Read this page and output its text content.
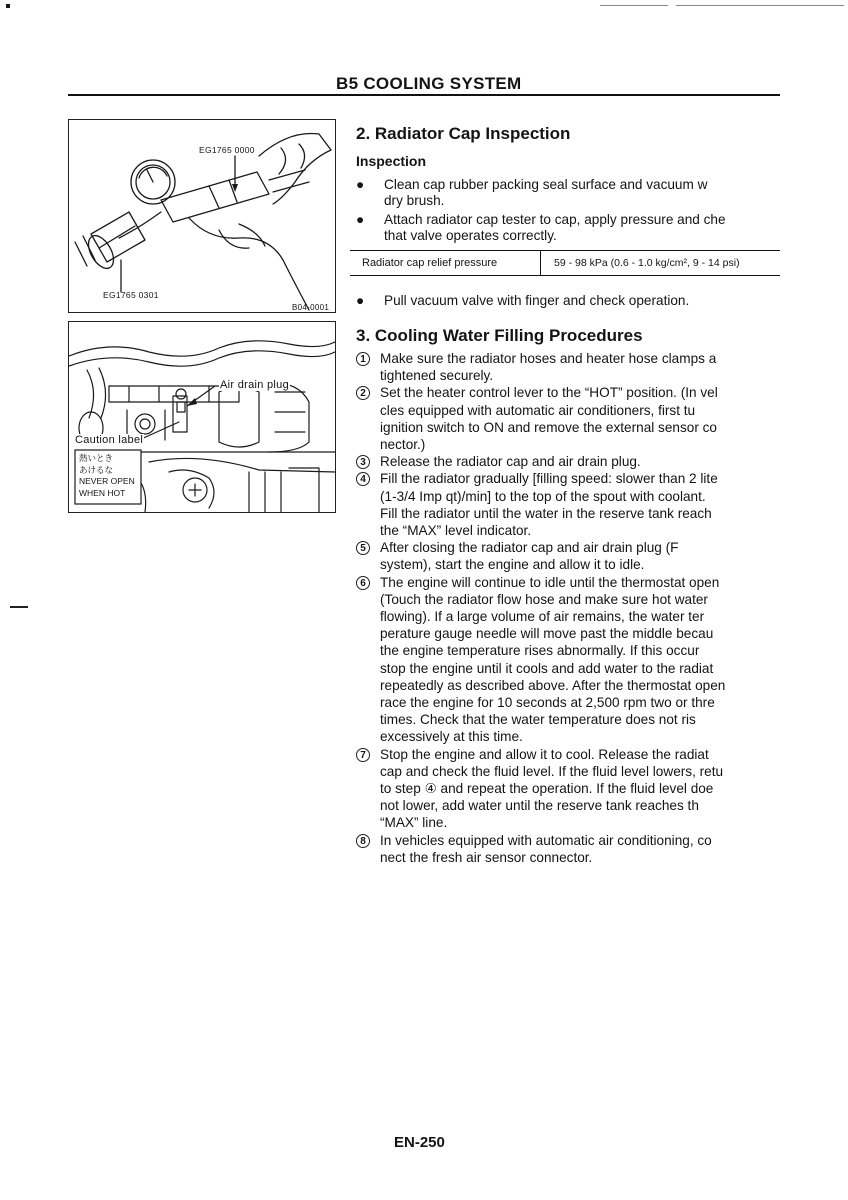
B5 COOLING SYSTEM
EG1765 0000
EG1765 0301
B04-0001
Air drain plug
Caution label
熱いとき
あけるな
NEVER OPEN
WHEN HOT
2. Radiator Cap Inspection
Inspection
● Clean cap rubber packing seal surface and vacuum w
dry brush.
● Attach radiator cap tester to cap, apply pressure and che
that valve operates correctly.
Radiator cap relief pressure	59 - 98 kPa (0.6 - 1.0 kg/cm², 9 - 14 psi)
● Pull vacuum valve with finger and check operation.
3. Cooling Water Filling Procedures
1	Make sure the radiator hoses and heater hose clamps a
tightened securely.
2	Set the heater control lever to the “HOT” position. (In vel
cles equipped with automatic air conditioners, first tu
ignition switch to ON and remove the external sensor co
nector.)
3	Release the radiator cap and air drain plug.
4	Fill the radiator gradually [filling speed: slower than 2 lite
(1-3/4 Imp qt)/min] to the top of the spout with coolant.
Fill the radiator until the water in the reserve tank reach
the “MAX” level indicator.
5	After closing the radiator cap and air drain plug (F
system), start the engine and allow it to idle.
6	The engine will continue to idle until the thermostat open
(Touch the radiator flow hose and make sure hot water
flowing). If a large volume of air remains, the water ter
perature gauge needle will move past the middle becau
the engine temperature rises abnormally. If this occur
stop the engine until it cools and add water to the radiat
repeatedly as described above. After the thermostat open
race the engine for 10 seconds at 2,500 rpm two or thre
times. Check that the water temperature does not ris
excessively at this time.
7	Stop the engine and allow it to cool. Release the radiat
cap and check the fluid level. If the fluid level lowers, retu
to step ④ and repeat the operation. If the fluid level doe
not lower, add water until the reserve tank reaches th
“MAX” line.
8	In vehicles equipped with automatic air conditioning, co
nect the fresh air sensor connector.
EN-250
